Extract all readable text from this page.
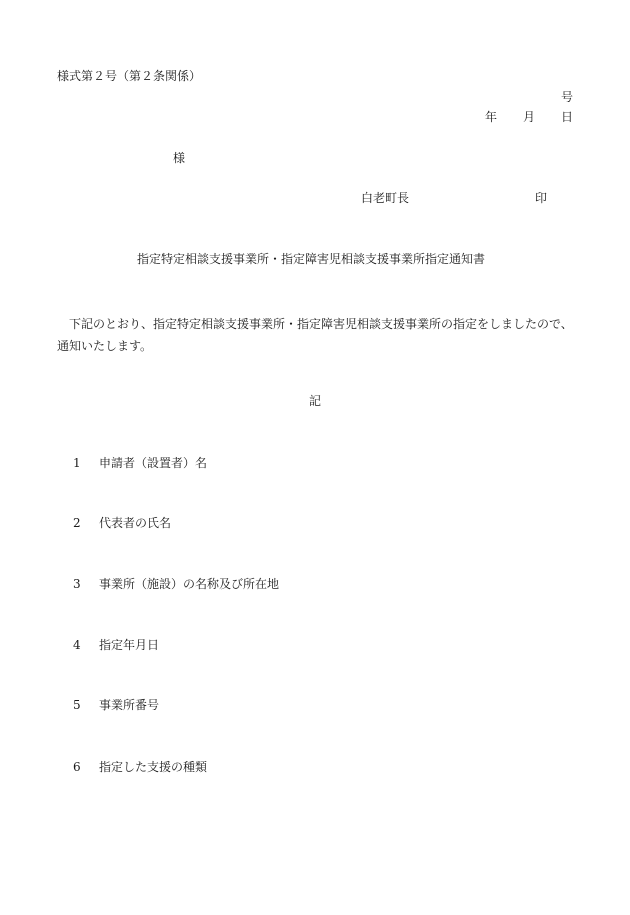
様式第２号（第２条関係）
号
年 月 日
様
白老町長	印
指定特定相談支援事業所・指定障害児相談支援事業所指定通知書
下記のとおり、指定特定相談支援事業所・指定障害児相談支援事業所の指定をしましたので、通知いたします。
記
1 申請者（設置者）名
2 代表者の氏名
3 事業所（施設）の名称及び所在地
4 指定年月日
5 事業所番号
6 指定した支援の種類
